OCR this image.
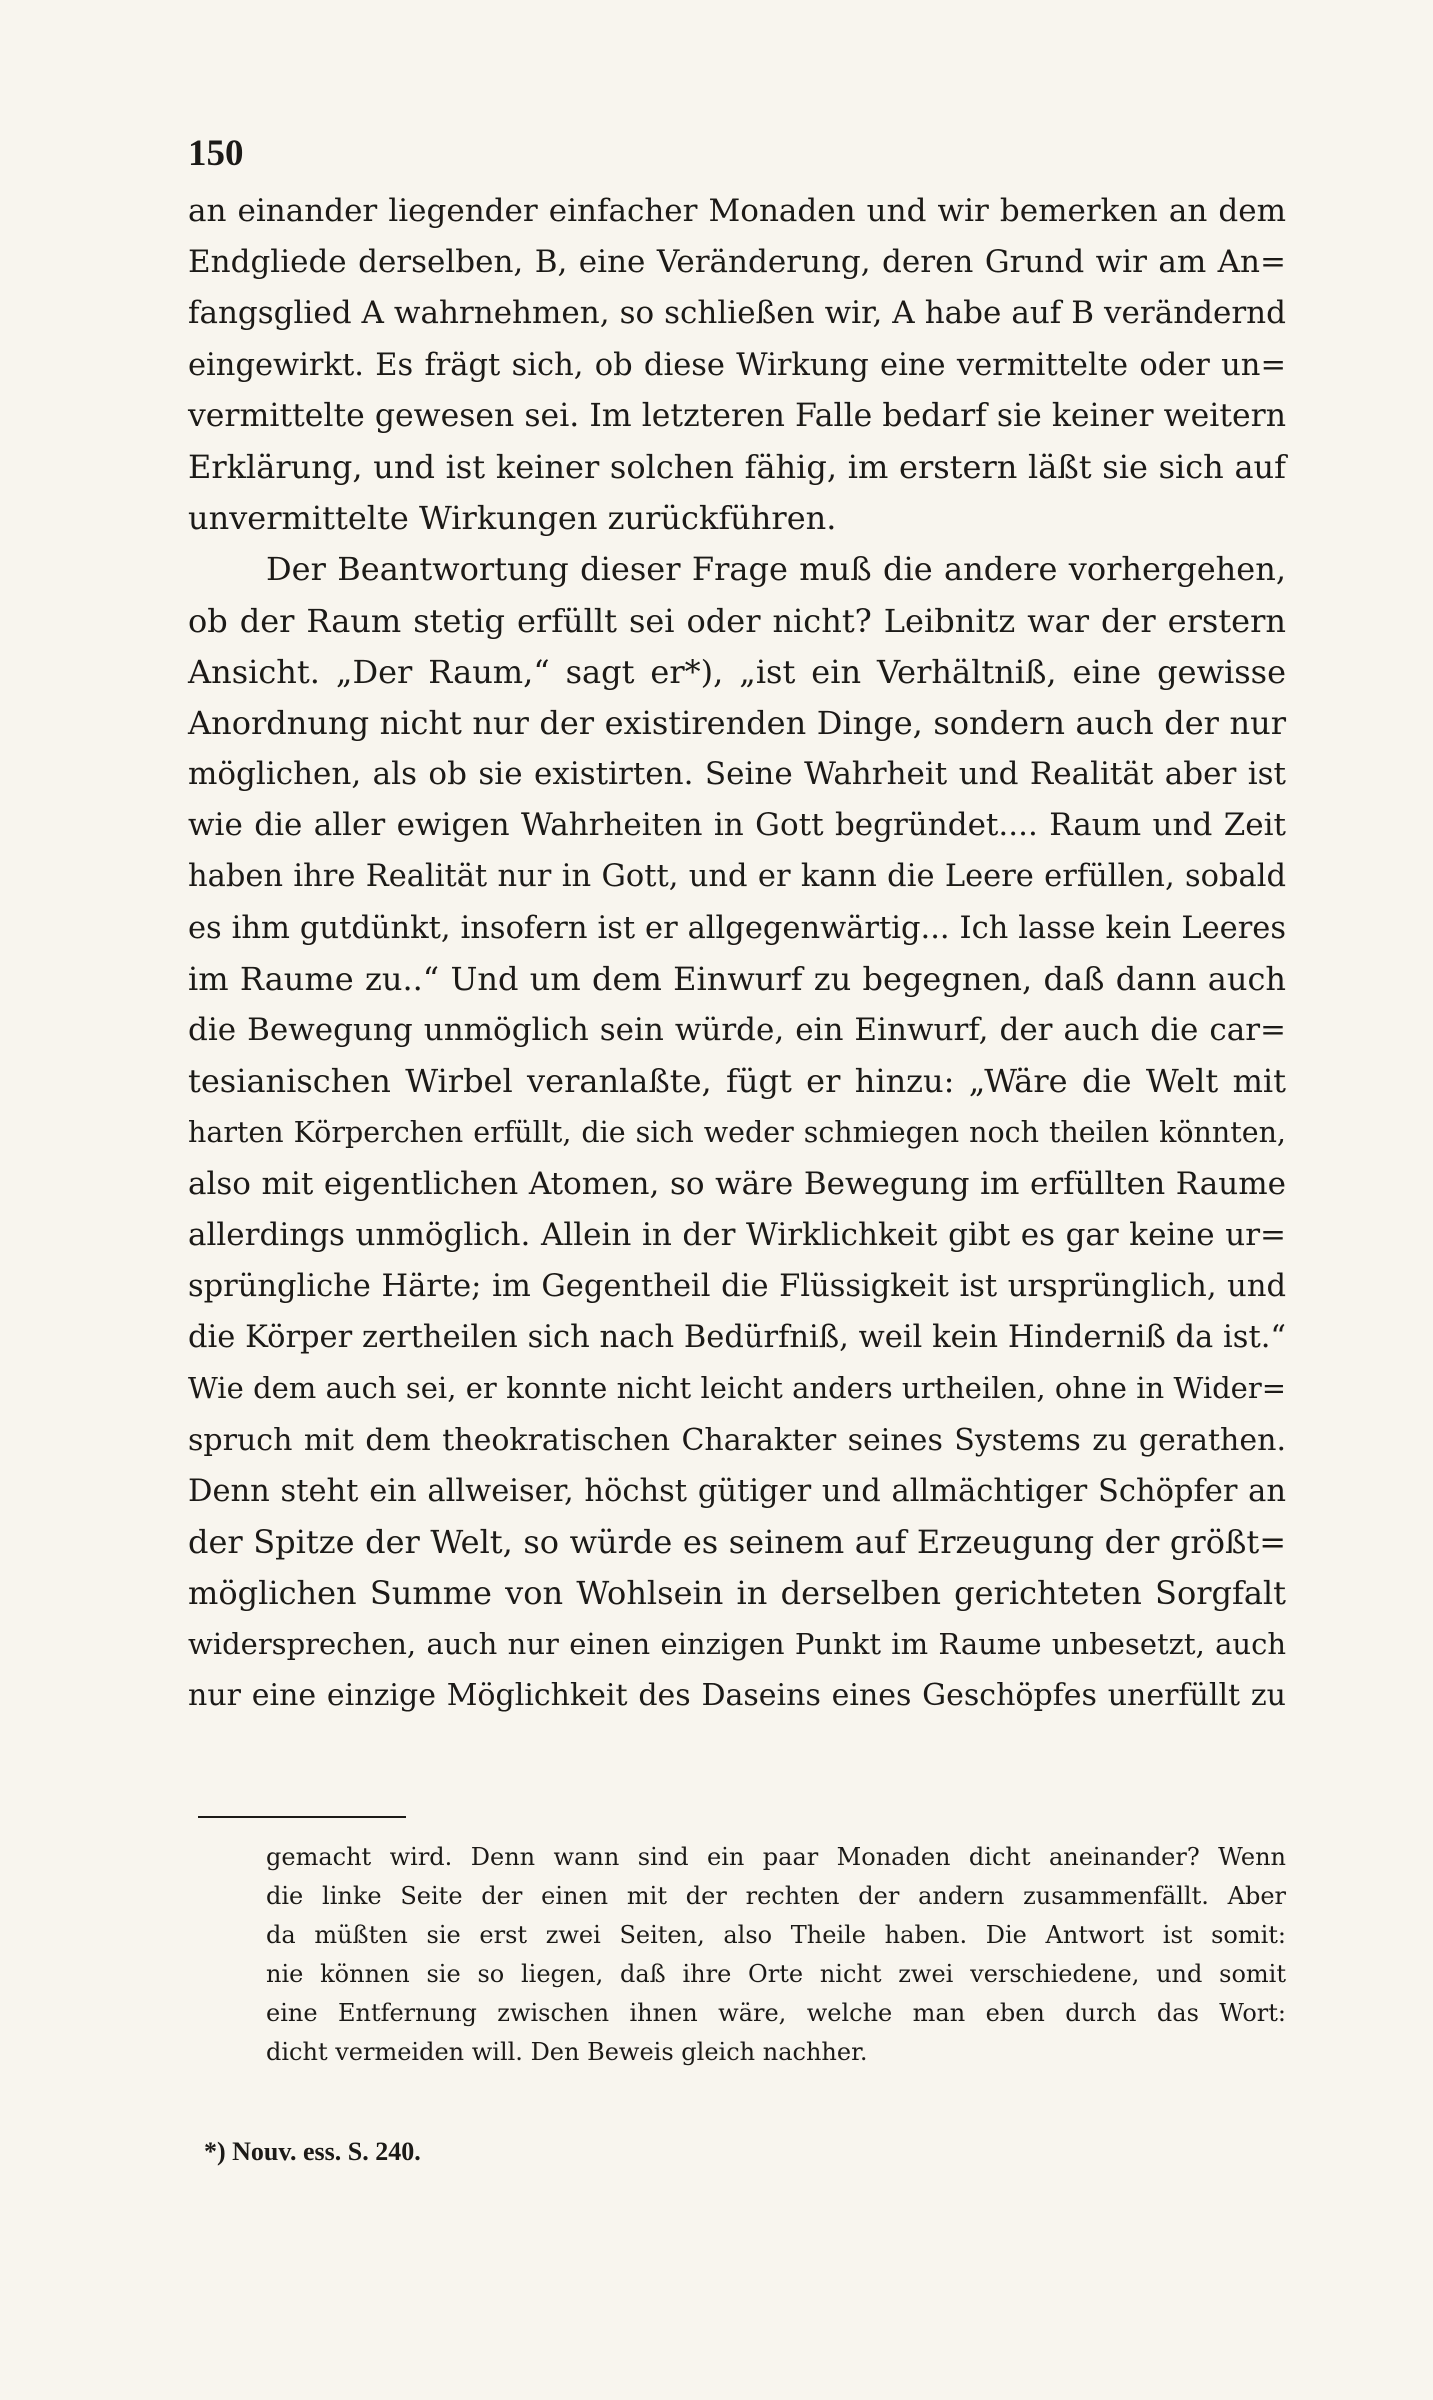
150
an einander liegender einfacher Monaden und wir bemerken an dem
Endgliede derselben, B, eine Veränderung, deren Grund wir am An=
fangsglied A wahrnehmen, so schließen wir, A habe auf B verändernd
eingewirkt. Es frägt sich, ob diese Wirkung eine vermittelte oder un=
vermittelte gewesen sei. Im letzteren Falle bedarf sie keiner weitern
Erklärung, und ist keiner solchen fähig, im erstern läßt sie sich auf
unvermittelte Wirkungen zurückführen.
Der Beantwortung dieser Frage muß die andere vorhergehen,
ob der Raum stetig erfüllt sei oder nicht? Leibnitz war der erstern
Ansicht. „Der Raum,“ sagt er*), „ist ein Verhältniß, eine gewisse
Anordnung nicht nur der existirenden Dinge, sondern auch der nur
möglichen, als ob sie existirten. Seine Wahrheit und Realität aber ist
wie die aller ewigen Wahrheiten in Gott begründet.... Raum und Zeit
haben ihre Realität nur in Gott, und er kann die Leere erfüllen, sobald
es ihm gutdünkt, insofern ist er allgegenwärtig... Ich lasse kein Leeres
im Raume zu..“ Und um dem Einwurf zu begegnen, daß dann auch
die Bewegung unmöglich sein würde, ein Einwurf, der auch die car=
tesianischen Wirbel veranlaßte, fügt er hinzu: „Wäre die Welt mit
harten Körperchen erfüllt, die sich weder schmiegen noch theilen könnten,
also mit eigentlichen Atomen, so wäre Bewegung im erfüllten Raume
allerdings unmöglich. Allein in der Wirklichkeit gibt es gar keine ur=
sprüngliche Härte; im Gegentheil die Flüssigkeit ist ursprünglich, und
die Körper zertheilen sich nach Bedürfniß, weil kein Hinderniß da ist.“
Wie dem auch sei, er konnte nicht leicht anders urtheilen, ohne in Wider=
spruch mit dem theokratischen Charakter seines Systems zu gerathen.
Denn steht ein allweiser, höchst gütiger und allmächtiger Schöpfer an
der Spitze der Welt, so würde es seinem auf Erzeugung der größt=
möglichen Summe von Wohlsein in derselben gerichteten Sorgfalt
widersprechen, auch nur einen einzigen Punkt im Raume unbesetzt, auch
nur eine einzige Möglichkeit des Daseins eines Geschöpfes unerfüllt zu
gemacht wird. Denn wann sind ein paar Monaden dicht aneinander? Wenn
die linke Seite der einen mit der rechten der andern zusammenfällt. Aber
da müßten sie erst zwei Seiten, also Theile haben. Die Antwort ist somit:
nie können sie so liegen, daß ihre Orte nicht zwei verschiedene, und somit
eine Entfernung zwischen ihnen wäre, welche man eben durch das Wort:
dicht vermeiden will. Den Beweis gleich nachher.
*) Nouv. ess. S. 240.
